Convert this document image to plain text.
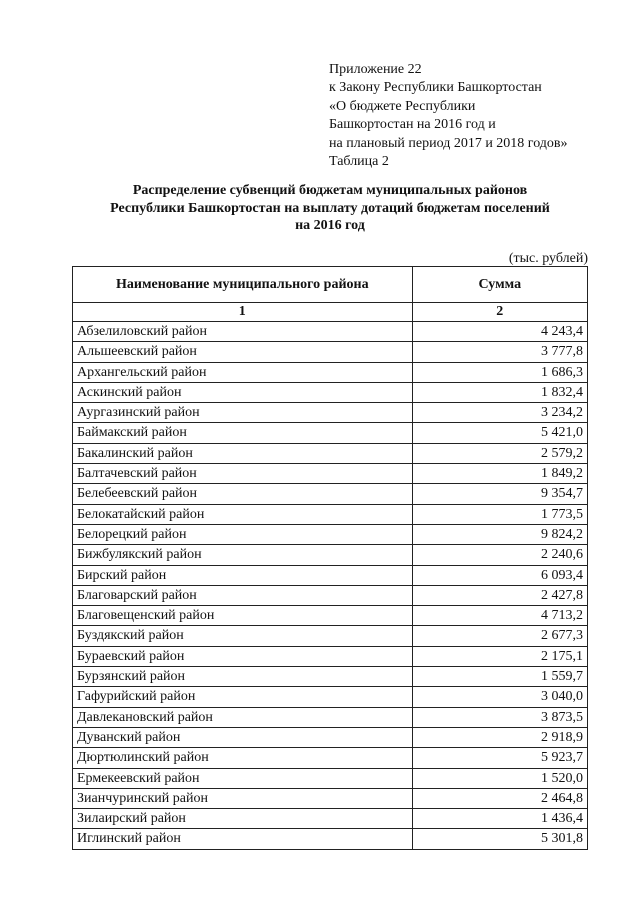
Приложение 22
к Закону Республики Башкортостан
«О бюджете Республики
Башкортостан на 2016 год и
на плановый период 2017 и 2018 годов»
Таблица 2
Распределение субвенций бюджетам муниципальных районов
Республики Башкортостан на выплату дотаций бюджетам поселений
на 2016 год
(тыс. рублей)
Наименование муниципального района	Сумма
1	2
Абзелиловский район	4 243,4
Альшеевский район	3 777,8
Архангельский район	1 686,3
Аскинский район	1 832,4
Аургазинский район	3 234,2
Баймакский район	5 421,0
Бакалинский район	2 579,2
Балтачевский район	1 849,2
Белебеевский район	9 354,7
Белокатайский район	1 773,5
Белорецкий район	9 824,2
Бижбулякский район	2 240,6
Бирский район	6 093,4
Благоварский район	2 427,8
Благовещенский район	4 713,2
Буздякский район	2 677,3
Бураевский район	2 175,1
Бурзянский район	1 559,7
Гафурийский район	3 040,0
Давлекановский район	3 873,5
Дуванский район	2 918,9
Дюртюлинский район	5 923,7
Ермекеевский район	1 520,0
Зианчуринский район	2 464,8
Зилаирский район	1 436,4
Иглинский район	5 301,8
